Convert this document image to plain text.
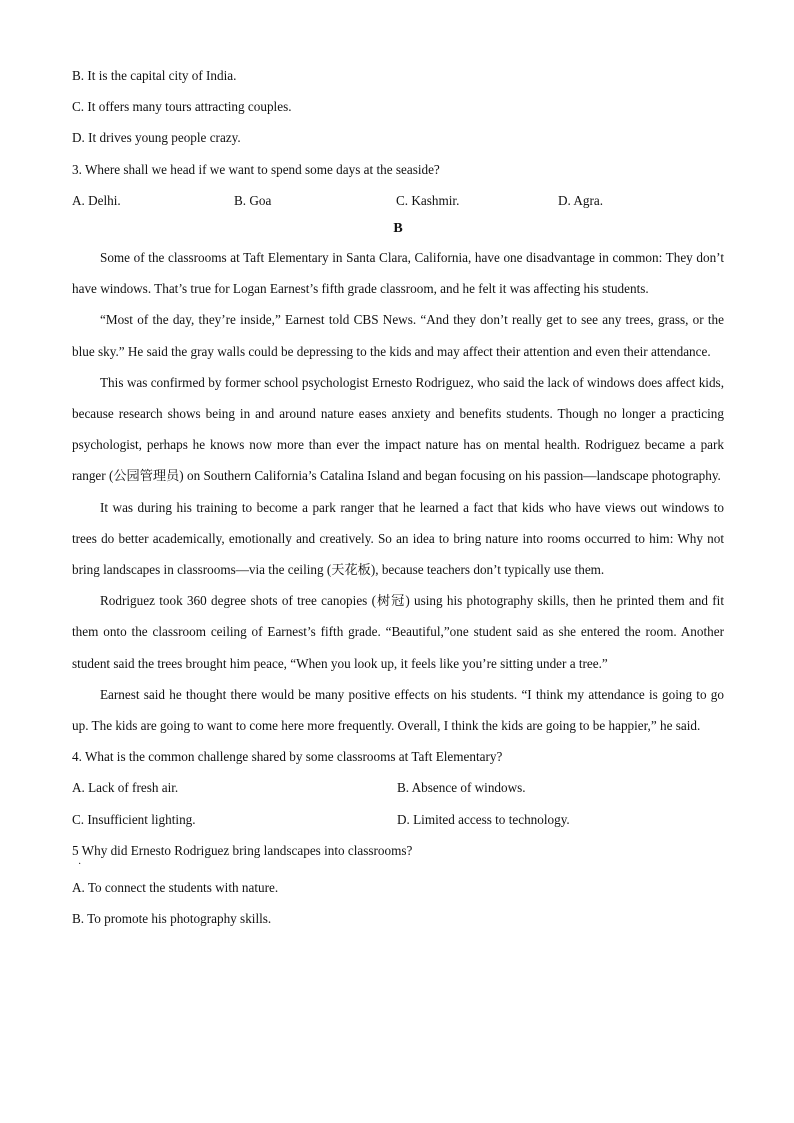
B. It is the capital city of India.

C. It offers many tours attracting couples.

D. It drives young people crazy.

3. Where shall we head if we want to spend some days at the seaside?

A. Delhi.	B. Goa	C. Kashmir.	D. Agra.

B

Some of the classrooms at Taft Elementary in Santa Clara, California, have one disadvantage in common: They don’t have windows. That’s true for Logan Earnest’s fifth grade classroom, and he felt it was affecting his students.

“Most of the day, they’re inside,” Earnest told CBS News. “And they don’t really get to see any trees, grass, or the blue sky.” He said the gray walls could be depressing to the kids and may affect their attention and even their attendance.

This was confirmed by former school psychologist Ernesto Rodriguez, who said the lack of windows does affect kids, because research shows being in and around nature eases anxiety and benefits students. Though no longer a practicing psychologist, perhaps he knows now more than ever the impact nature has on mental health. Rodriguez became a park ranger (公园管理员) on Southern California’s Catalina Island and began focusing on his passion—landscape photography.

It was during his training to become a park ranger that he learned a fact that kids who have views out windows to trees do better academically, emotionally and creatively. So an idea to bring nature into rooms occurred to him: Why not bring landscapes in classrooms—via the ceiling (天花板), because teachers don’t typically use them.

Rodriguez took 360 degree shots of tree canopies (树冠) using his photography skills, then he printed them and fit them onto the classroom ceiling of Earnest’s fifth grade. “Beautiful,”one student said as she entered the room. Another student said the trees brought him peace, “When you look up, it feels like you’re sitting under a tree.”

Earnest said he thought there would be many positive effects on his students. “I think my attendance is going to go up. The kids are going to want to come here more frequently. Overall, I think the kids are going to be happier,” he said.

4. What is the common challenge shared by some classrooms at Taft Elementary?

A. Lack of fresh air.	B. Absence of windows.
C. Insufficient lighting.	D. Limited access to technology.

5 Why did Ernesto Rodriguez bring landscapes into classrooms?

·

A. To connect the students with nature.

B. To promote his photography skills.
